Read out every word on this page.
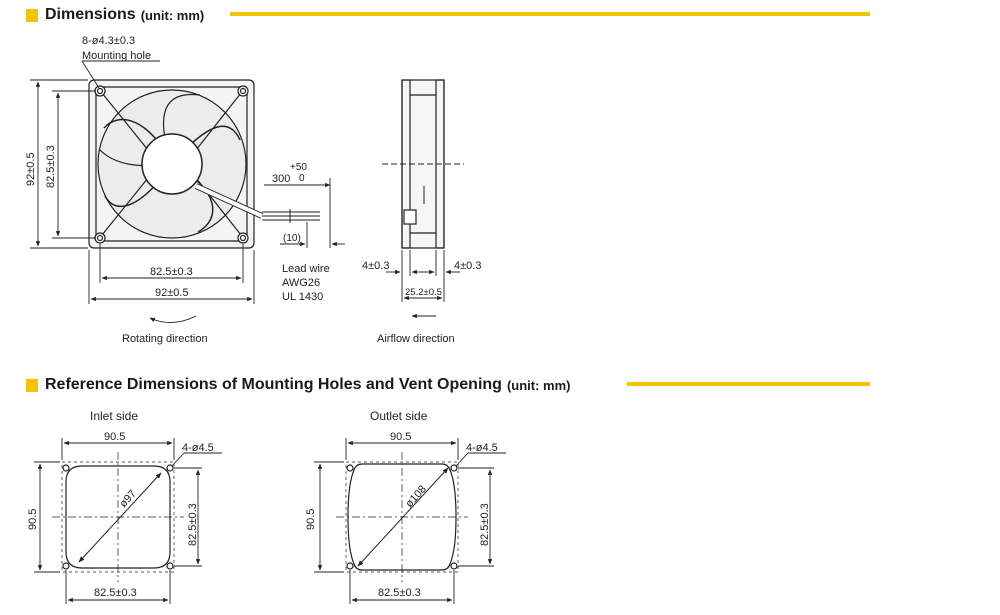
Dimensions (unit: mm)
Reference Dimensions of Mounting Holes and Vent Opening (unit: mm)
8-ø4.3±0.3
Mounting hole
92±0.5 82.5±0.3
82.5±0.3
92±0.5
300
+50
0
(10)
Lead wire
AWG26
UL 1430
Rotating direction
4±0.3	4±0.3
25.2±0.5
Airflow direction
Inlet side
90.5
4-ø4.5
90.5	82.5±0.3
82.5±0.3
ø97
Outlet side
90.5
4-ø4.5
90.5	82.5±0.3
82.5±0.3
ø108
